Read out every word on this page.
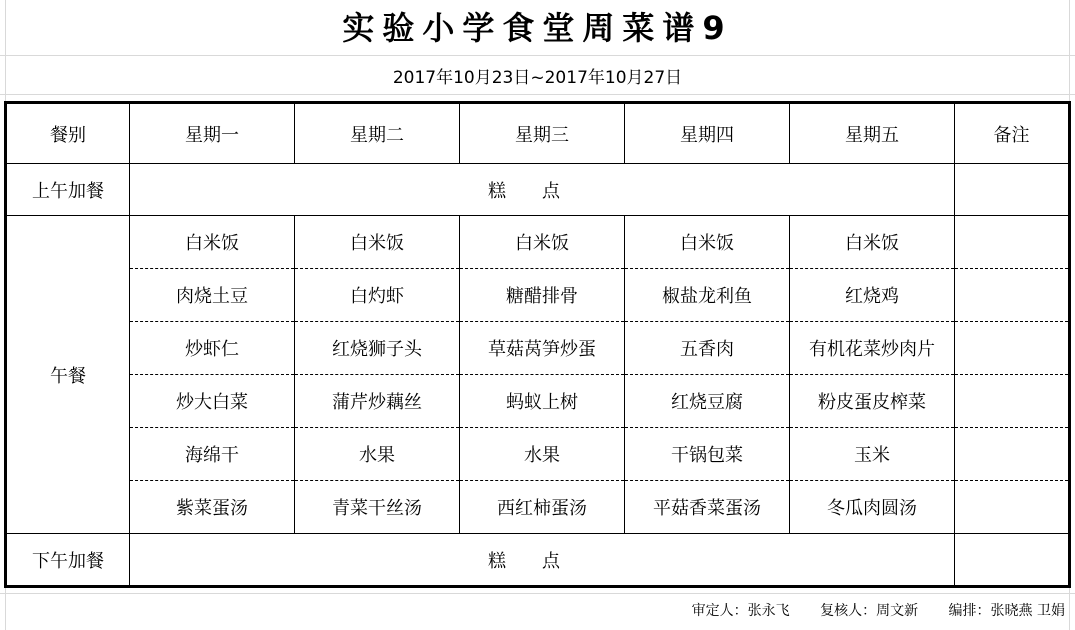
实验小学食堂周菜谱9
2017年10月23日~2017年10月27日
餐别	星期一	星期二	星期三	星期四	星期五	备注
上午加餐	糕点					
午餐	白米饭	白米饭	白米饭	白米饭	白米饭	
	肉烧土豆	白灼虾	糖醋排骨	椒盐龙利鱼	红烧鸡	
	炒虾仁	红烧狮子头	草菇莴笋炒蛋	五香肉	有机花菜炒肉片	
	炒大白菜	蒲芹炒藕丝	蚂蚁上树	红烧豆腐	粉皮蛋皮榨菜	
	海绵干	水果	水果	干锅包菜	玉米	
	紫菜蛋汤	青菜干丝汤	西红柿蛋汤	平菇香菜蛋汤	冬瓜肉圆汤	
下午加餐	糕点					
审定人：张永飞 复核人：周文新 编排：张晓燕 卫娟
